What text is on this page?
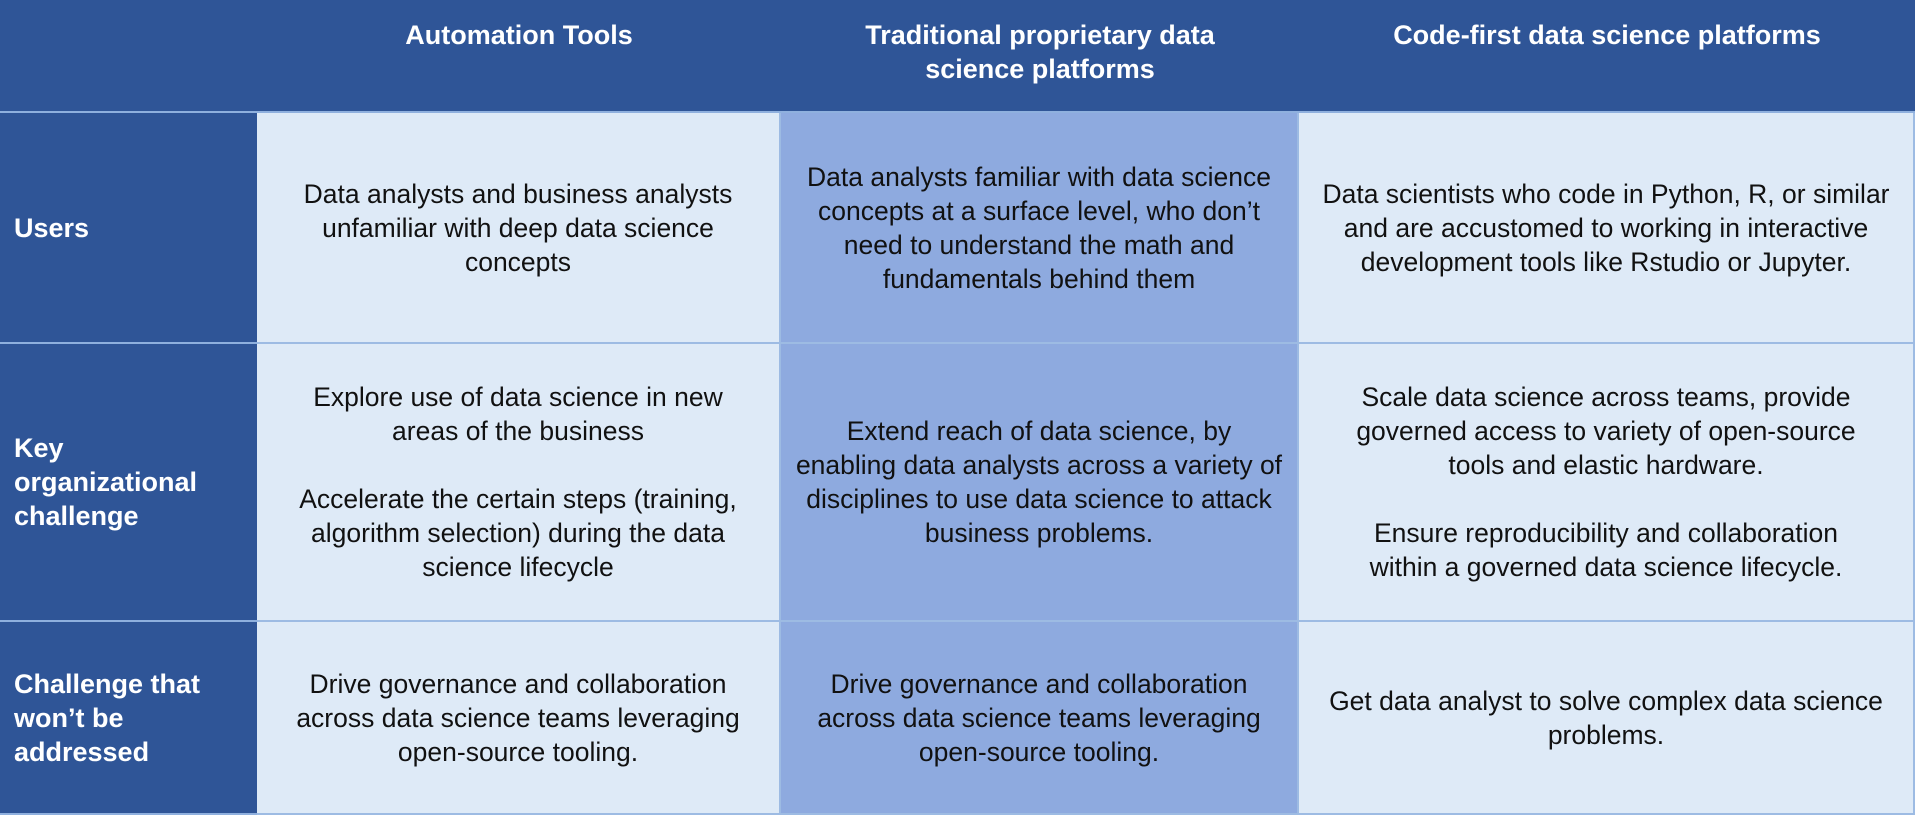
Automation Tools	Traditional proprietary data science platforms
Code-first data science platforms
Users
Data analysts and business analysts unfamiliar with deep data science concepts
Data analysts familiar with data science concepts at a surface level, who don’t need to understand the math and fundamentals behind them
Data scientists who code in Python, R, or similar and are accustomed to working in interactive development tools like Rstudio or Jupyter.
Key organizational challenge
Explore use of data science in new areas of the business
Accelerate the certain steps (training, algorithm selection) during the data science lifecycle
Extend reach of data science, by enabling data analysts across a variety of disciplines to use data science to attack business problems.
Scale data science across teams, provide governed access to variety of open-source tools and elastic hardware.
Ensure reproducibility and collaboration within a governed data science lifecycle.
Challenge that won’t be addressed
Drive governance and collaboration across data science teams leveraging open-source tooling.
Drive governance and collaboration across data science teams leveraging open-source tooling.
Get data analyst to solve complex data science problems.
